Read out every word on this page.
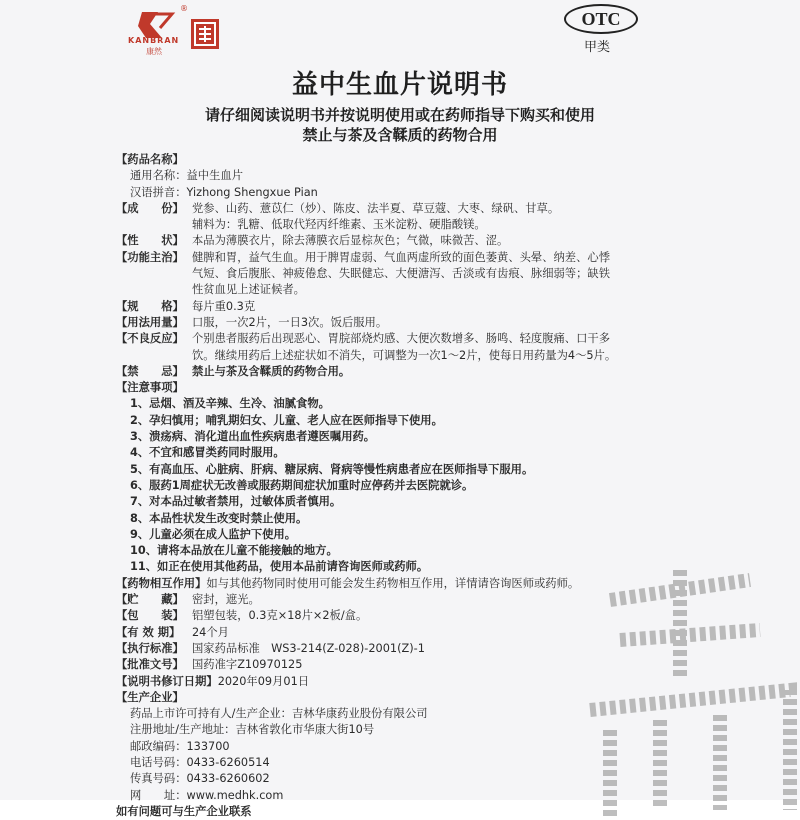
®
KANBRAN
康然
OTC
甲类
益中生血片说明书
请仔细阅读说明书并按说明使用或在药师指导下购买和使用
禁止与茶及含鞣质的药物合用
【药品名称】
通用名称： 益中生血片
汉语拼音： Yizhong Shengxue Pian
【成　　份】 党参、山药、薏苡仁（炒）、陈皮、法半夏、草豆蔻、大枣、绿矾、甘草。
辅料为：乳糖、低取代羟丙纤维素、玉米淀粉、硬脂酸镁。
【性　　状】 本品为薄膜衣片，除去薄膜衣后显棕灰色；气微，味微苦、涩。
【功能主治】 健脾和胃，益气生血。用于脾胃虚弱、气血两虚所致的面色萎黄、头晕、纳差、心悸
气短、食后腹胀、神疲倦怠、失眠健忘、大便溏泻、舌淡或有齿痕、脉细弱等；缺铁
性贫血见上述证候者。
【规　　格】 每片重0.3克
【用法用量】 口服，一次2片，一日3次。饭后服用。
【不良反应】 个别患者服药后出现恶心、胃脘部烧灼感、大便次数增多、肠鸣、轻度腹痛、口干多
饮。继续用药后上述症状如不消失，可调整为一次1～2片，使每日用药量为4～5片。
【禁　　忌】 禁止与茶及含鞣质的药物合用。
【注意事项】
1、忌烟、酒及辛辣、生冷、油腻食物。
2、孕妇慎用；哺乳期妇女、儿童、老人应在医师指导下使用。
3、溃疡病、消化道出血性疾病患者遵医嘱用药。
4、不宜和感冒类药同时服用。
5、有高血压、心脏病、肝病、糖尿病、肾病等慢性病患者应在医师指导下服用。
6、服药1周症状无改善或服药期间症状加重时应停药并去医院就诊。
7、对本品过敏者禁用，过敏体质者慎用。
8、本品性状发生改变时禁止使用。
9、儿童必须在成人监护下使用。
10、请将本品放在儿童不能接触的地方。
11、如正在使用其他药品，使用本品前请咨询医师或药师。
【药物相互作用】 如与其他药物同时使用可能会发生药物相互作用，详情请咨询医师或药师。
【贮　　藏】 密封，遮光。
【包　　装】 铝塑包装，0.3克×18片×2板/盒。
【有 效 期】	24个月
【执行标准】 国家药品标准　WS3-214(Z-028)-2001(Z)-1
【批准文号】 国药准字Z10970125
【说明书修订日期】 2020年09月01日
【生产企业】
药品上市许可持有人/生产企业： 吉林华康药业股份有限公司
注册地址/生产地址： 吉林省敦化市华康大街10号
邮政编码： 133700
电话号码： 0433-6260514
传真号码： 0433-6260602
网　　址： www.medhk.com
如有问题可与生产企业联系
